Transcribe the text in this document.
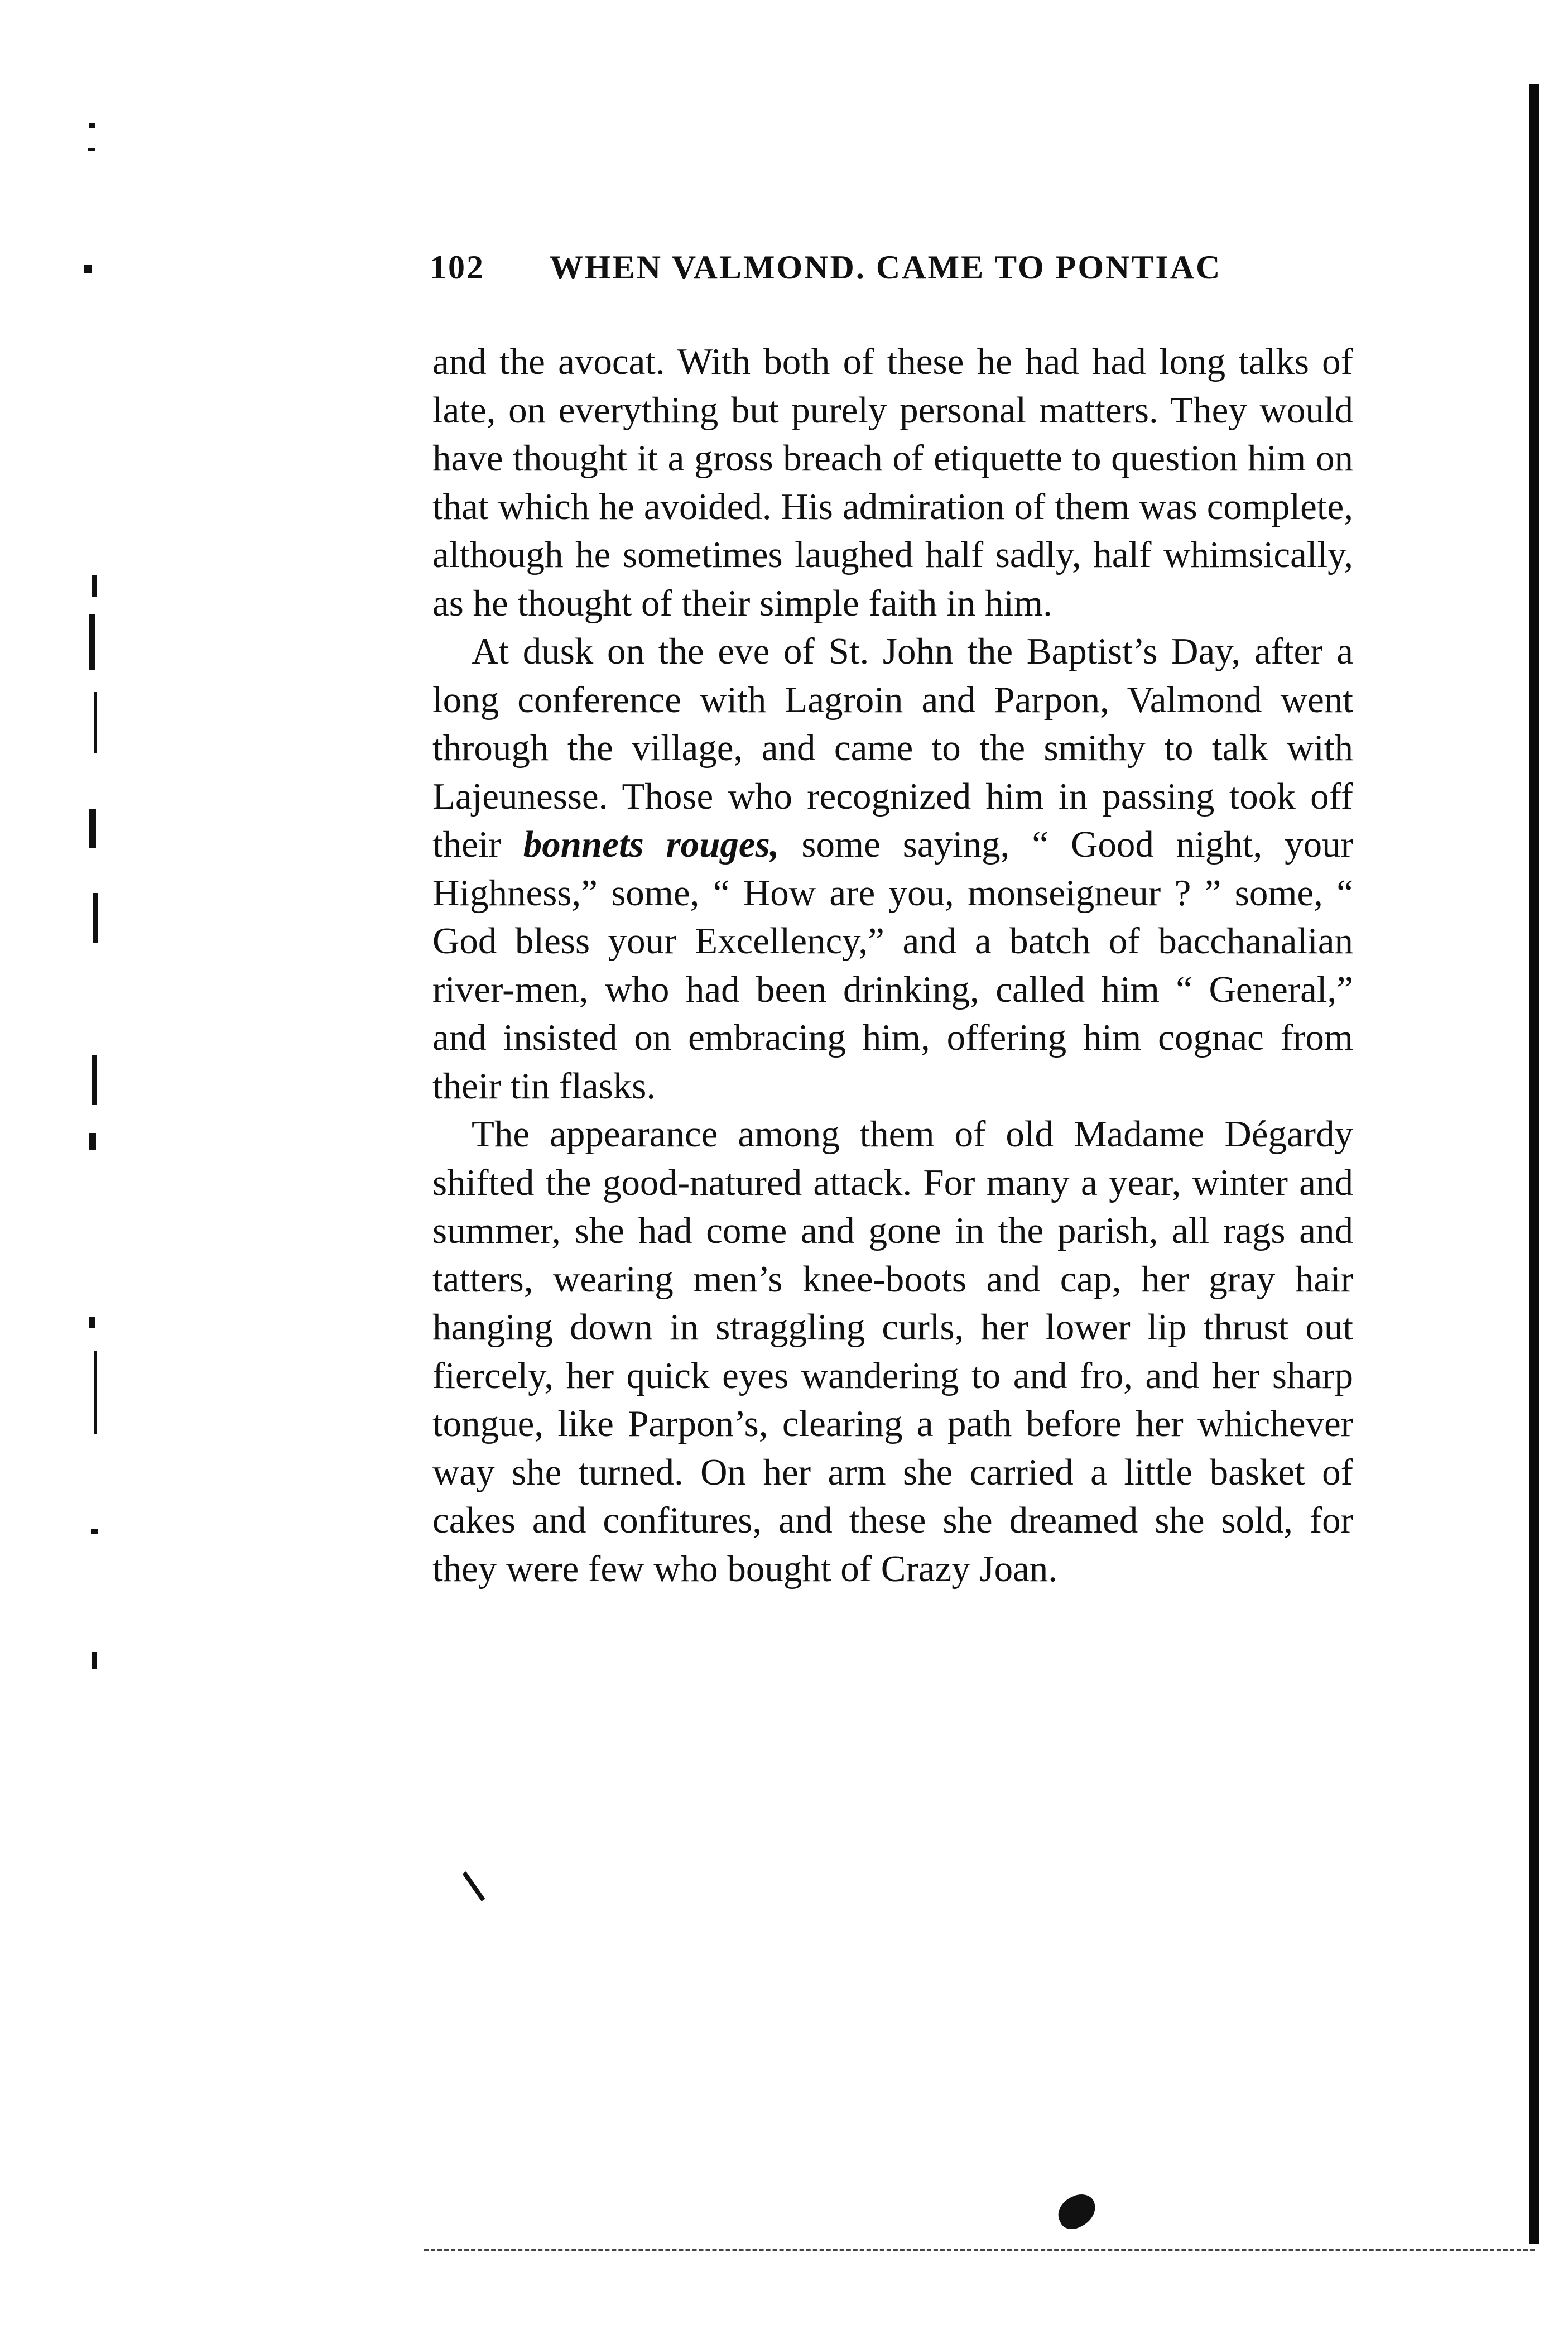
102 WHEN VALMOND. CAME TO PONTIAC

and the avocat. With both of these he had had long talks of late, on everything but purely personal matters. They would have thought it a gross breach of etiquette to question him on that which he avoided. His admiration of them was complete, although he sometimes laughed half sadly, half whimsically, as he thought of their simple faith in him.

At dusk on the eve of St. John the Baptist’s Day, after a long conference with Lagroin and Parpon, Valmond went through the village, and came to the smithy to talk with Lajeunesse. Those who recognized him in passing took off their bonnets rouges, some saying, “ Good night, your Highness,” some, “ How are you, monseigneur ? ” some, “ God bless your Excellency,” and a batch of bacchanalian river-men, who had been drinking, called him “ General,” and insisted on embracing him, offering him cognac from their tin flasks.

The appearance among them of old Madame Dégardy shifted the good-natured attack. For many a year, winter and summer, she had come and gone in the parish, all rags and tatters, wearing men’s knee-boots and cap, her gray hair hanging down in straggling curls, her lower lip thrust out fiercely, her quick eyes wandering to and fro, and her sharp tongue, like Parpon’s, clearing a path before her whichever way she turned. On her arm she carried a little basket of cakes and confitures, and these she dreamed she sold, for they were few who bought of Crazy Joan.
